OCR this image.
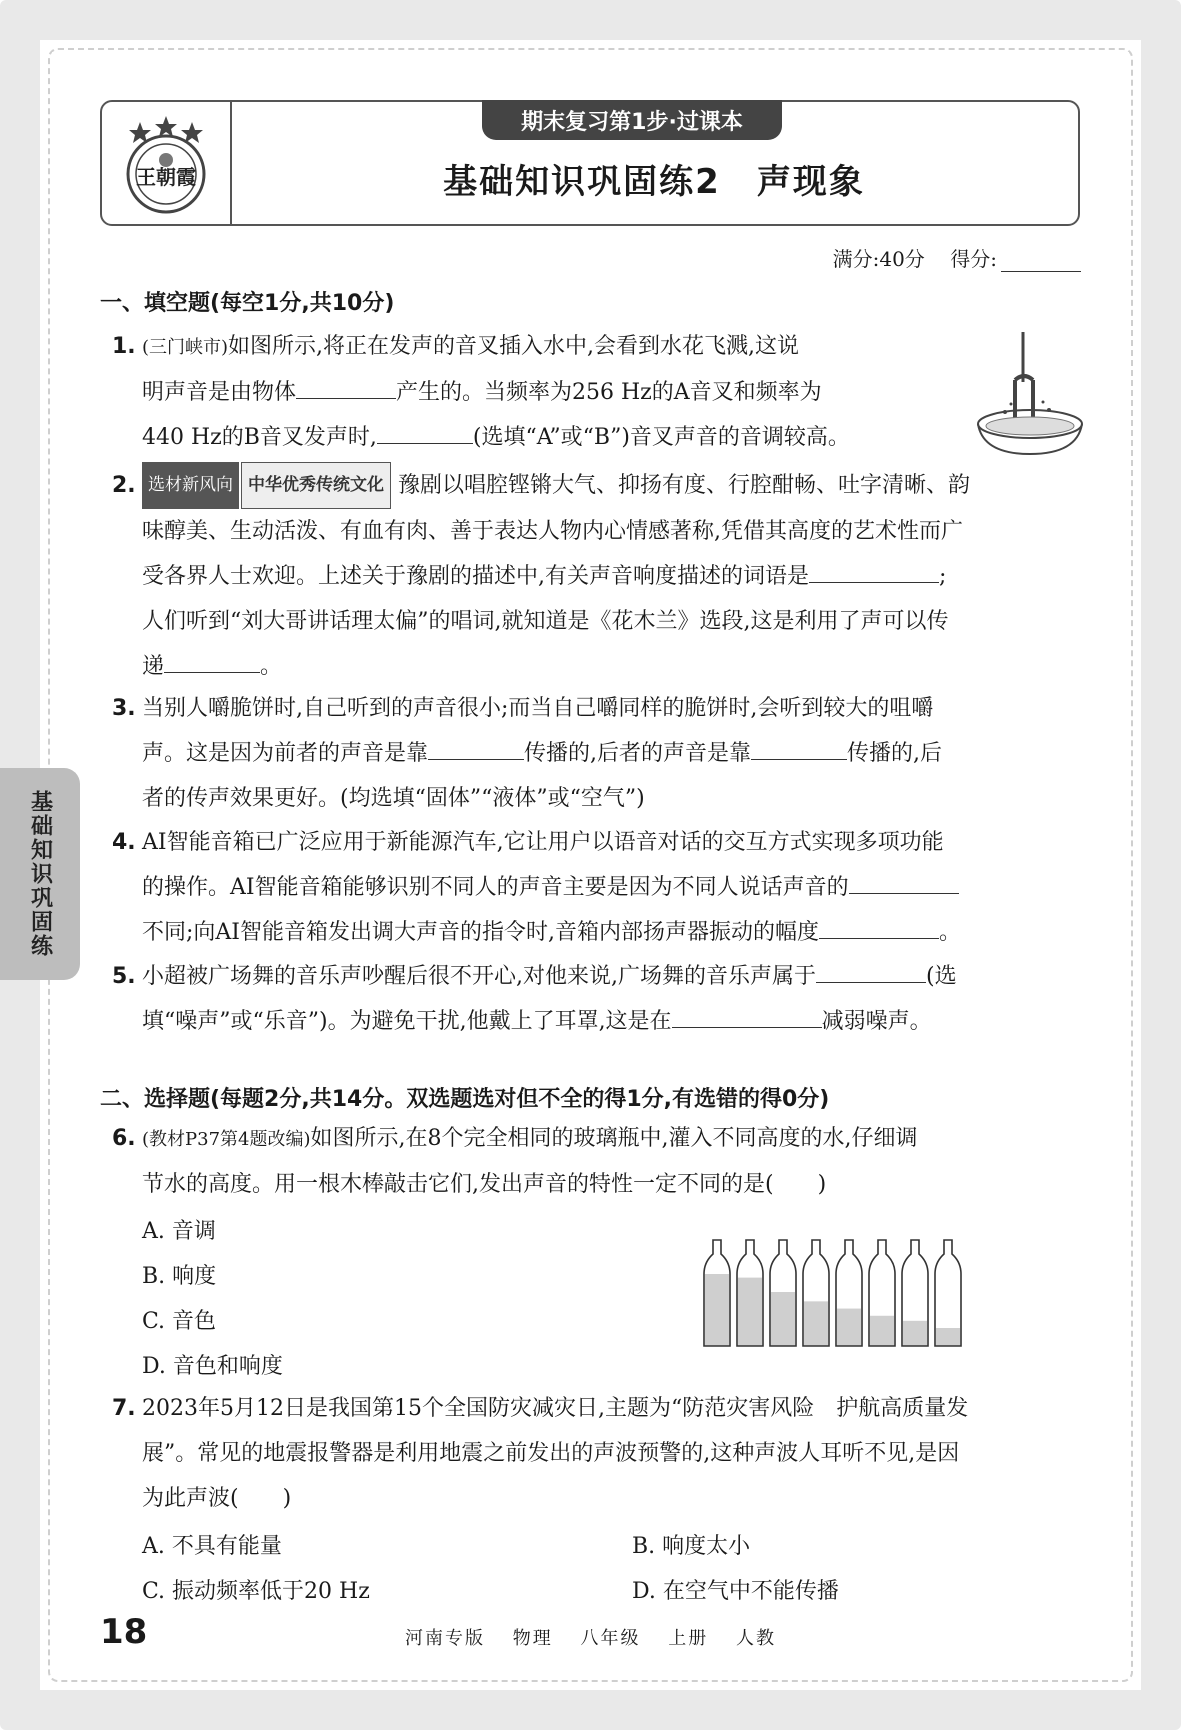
王朝霞
期末复习第1步·过课本
基础知识巩固练2　声现象
满分:40分 得分:
一、填空题(每空1分,共10分)
1. (三门峡市)如图所示,将正在发声的音叉插入水中,会看到水花飞溅,这说
明声音是由物体	产生的。当频率为256 Hz的A音叉和频率为
440 Hz的B音叉发声时,	(选填“A”或“B”)音叉声音的音调较高。
2. 选材新风向 中华优秀传统文化 豫剧以唱腔铿锵大气、抑扬有度、行腔酣畅、吐字清晰、韵
味醇美、生动活泼、有血有肉、善于表达人物内心情感著称,凭借其高度的艺术性而广
受各界人士欢迎。上述关于豫剧的描述中,有关声音响度描述的词语是	;
人们听到“刘大哥讲话理太偏”的唱词,就知道是《花木兰》选段,这是利用了声可以传
递	。
3. 当别人嚼脆饼时,自己听到的声音很小;而当自己嚼同样的脆饼时,会听到较大的咀嚼
声。这是因为前者的声音是靠	传播的,后者的声音是靠	传播的,后
者的传声效果更好。(均选填“固体”“液体”或“空气”)
4. AI智能音箱已广泛应用于新能源汽车,它让用户以语音对话的交互方式实现多项功能
的操作。AI智能音箱能够识别不同人的声音主要是因为不同人说话声音的
不同;向AI智能音箱发出调大声音的指令时,音箱内部扬声器振动的幅度	。
5. 小超被广场舞的音乐声吵醒后很不开心,对他来说,广场舞的音乐声属于	(选
填“噪声”或“乐音”)。为避免干扰,他戴上了耳罩,这是在	减弱噪声。
二、选择题(每题2分,共14分。双选题选对但不全的得1分,有选错的得0分)
6. (教材P37第4题改编)如图所示,在8个完全相同的玻璃瓶中,灌入不同高度的水,仔细调
节水的高度。用一根木棒敲击它们,发出声音的特性一定不同的是(　　)
A. 音调
B. 响度
C. 音色
D. 音色和响度
7. 2023年5月12日是我国第15个全国防灾减灾日,主题为“防范灾害风险　护航高质量发
展”。常见的地震报警器是利用地震之前发出的声波预警的,这种声波人耳听不见,是因
为此声波(　　)
A. 不具有能量	B. 响度太小
C. 振动频率低于20 Hz	D. 在空气中不能传播
基础知识巩固练
18	河南专版 物理 八年级 上册 人教
